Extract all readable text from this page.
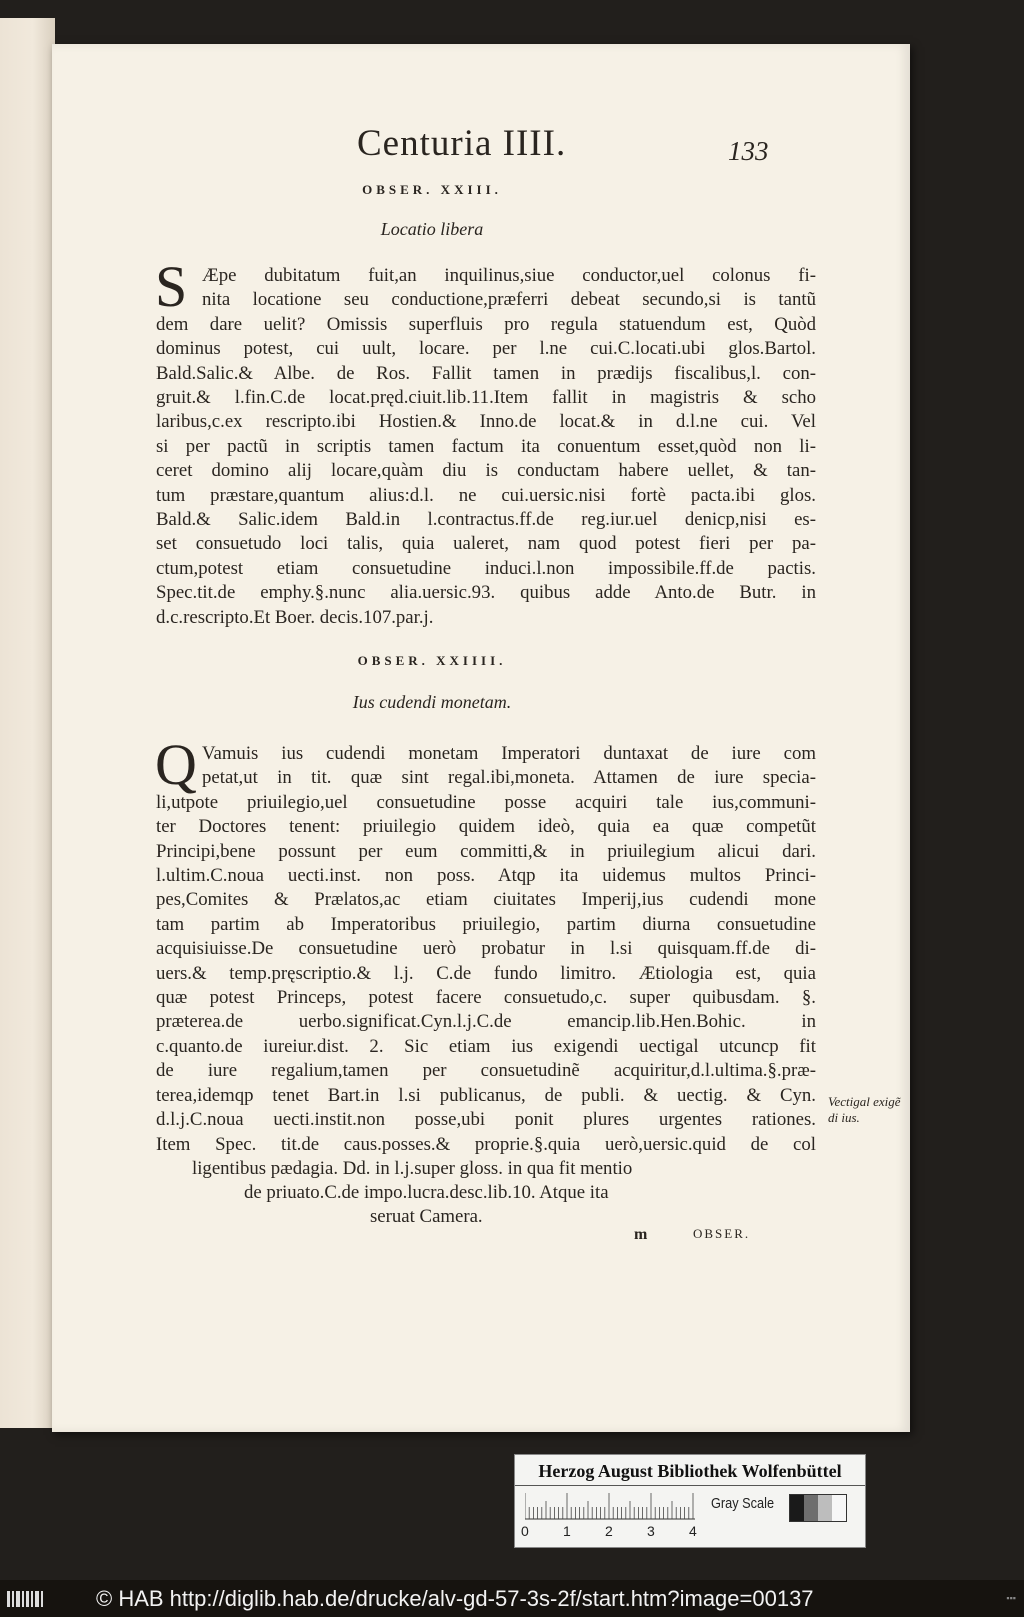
Centuria IIII.	133
OBSER. XXIII.
Locatio libera
S Æpe dubitatum fuit,an inquilinus,siue conductor,uel colonus fi-
nita locatione seu conductione,præferri debeat secundo,si is tantũ
dem dare uelit? Omissis superfluis pro regula statuendum est, Quòd
dominus potest, cui uult, locare. per l.ne cui.C.locati.ubi glos.Bartol.
Bald.Salic.& Albe. de Ros. Fallit tamen in prædijs fiscalibus,l. con-
gruit.& l.fin.C.de locat.pręd.ciuit.lib.11.Item fallit in magistris & scho
laribus,c.ex rescripto.ibi Hostien.& Inno.de locat.& in d.l.ne cui. Vel
si per pactũ in scriptis tamen factum ita conuentum esset,quòd non li-
ceret domino alij locare,quàm diu is conductam habere uellet, & tan-
tum præstare,quantum alius:d.l. ne cui.uersic.nisi fortè pacta.ibi glos.
Bald.& Salic.idem Bald.in l.contractus.ff.de reg.iur.uel denicp,nisi es-
set consuetudo loci talis, quia ualeret, nam quod potest fieri per pa-
ctum,potest etiam consuetudine induci.l.non impossibile.ff.de pactis.
Spec.tit.de emphy.§.nunc alia.uersic.93. quibus adde Anto.de Butr. in
d.c.rescripto.Et Boer. decis.107.par.j.
OBSER. XXIIII.
Ius cudendi monetam.
Q Vamuis ius cudendi monetam Imperatori duntaxat de iure com
petat,ut in tit. quæ sint regal.ibi,moneta. Attamen de iure specia-
li,utpote priuilegio,uel consuetudine posse acquiri tale ius,communi-
ter Doctores tenent: priuilegio quidem ideò, quia ea quæ competũt
Principi,bene possunt per eum committi,& in priuilegium alicui dari.
l.ultim.C.noua uecti.inst. non poss. Atqp ita uidemus multos Princi-
pes,Comites & Prælatos,ac etiam ciuitates Imperij,ius cudendi mone
tam partim ab Imperatoribus priuilegio, partim diurna consuetudine
acquisiuisse.De consuetudine uerò probatur in l.si quisquam.ff.de di-
uers.& temp.pręscriptio.& l.j. C.de fundo limitro. Ætiologia est, quia
quæ potest Princeps, potest facere consuetudo,c. super quibusdam. §.
præterea.de uerbo.significat.Cyn.l.j.C.de emancip.lib.Hen.Bohic. in
c.quanto.de iureiur.dist. 2. Sic etiam ius exigendi uectigal utcuncp fit
de iure regalium,tamen per consuetudinẽ acquiritur,d.l.ultima.§.præ-
terea,idemqp tenet Bart.in l.si publicanus, de publi. & uectig. & Cyn.
d.l.j.C.noua uecti.instit.non posse,ubi ponit plures urgentes rationes.
Item Spec. tit.de caus.posses.& proprie.§.quia uerò,uersic.quid de col
ligentibus pædagia. Dd. in l.j.super gloss. in qua fit mentio
de priuato.C.de impo.lucra.desc.lib.10. Atque ita
seruat Camera.
Vectigal exigẽ
di ius.
m	OBSER.
Herzog August Bibliothek Wolfenbüttel
0 1 2 3 4
Gray Scale
© HAB http://diglib.hab.de/drucke/alv-gd-57-3s-2f/start.htm?image=00137	▪▪▪
